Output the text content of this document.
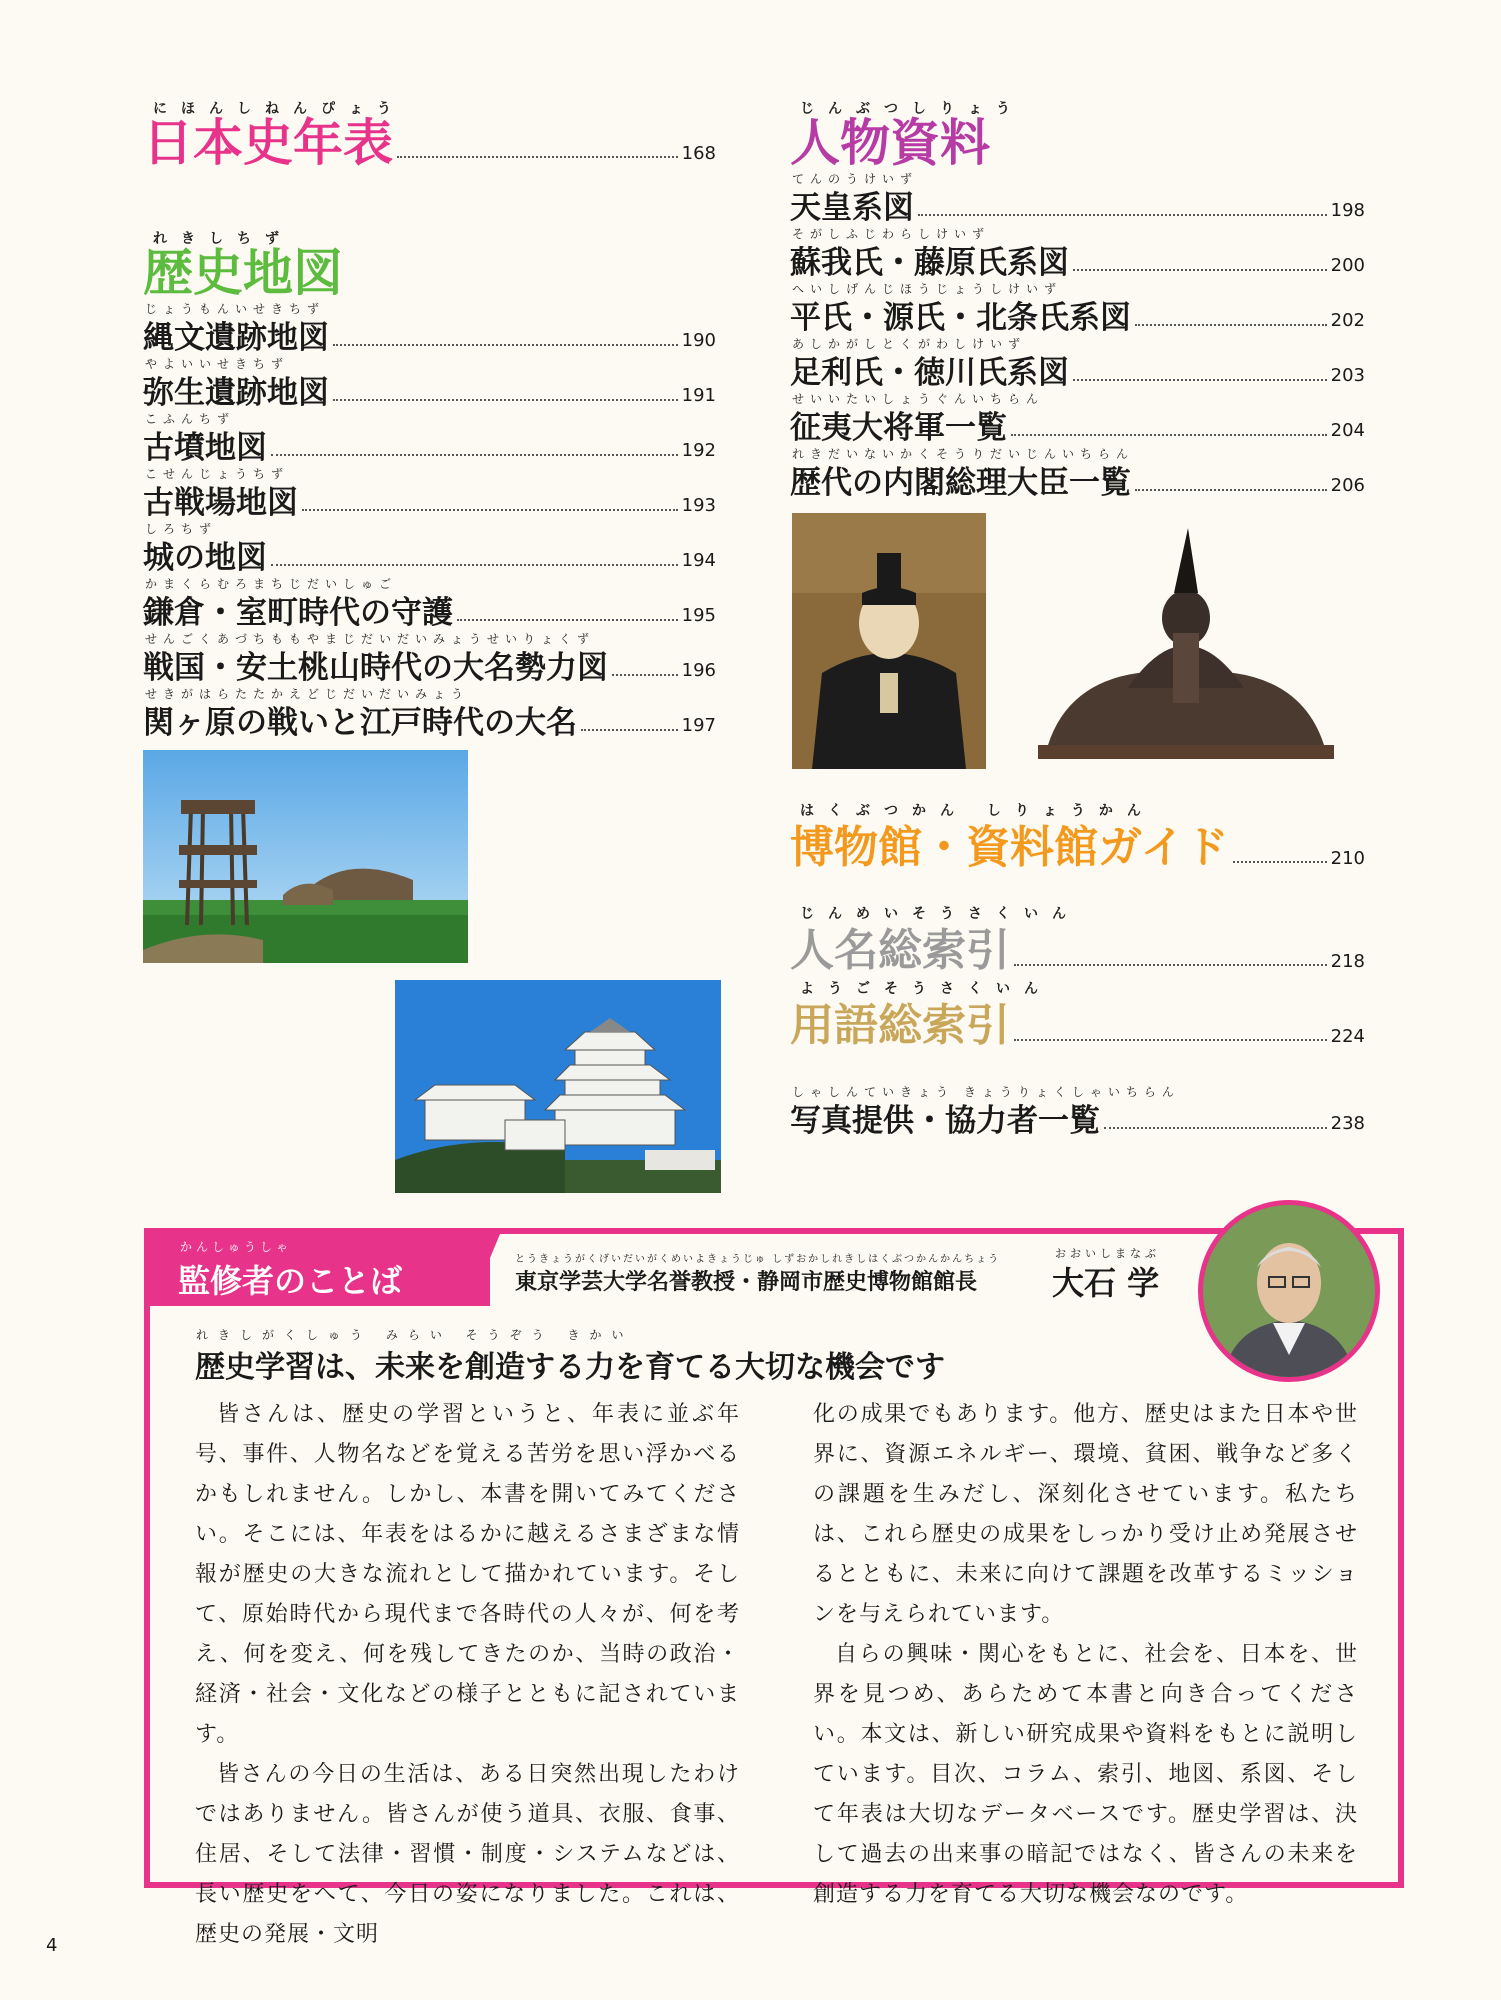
にほんしねんぴょう
日本史年表	168
れきしちず
歴史地図
じょうもんいせきちず
縄文遺跡地図	190
やよいいせきちず
弥生遺跡地図	191
こふんちず
古墳地図	192
こせんじょうちず
古戦場地図	193
しろちず
城の地図	194
かまくらむろまちじだいしゅご
鎌倉・室町時代の守護	195
せんごくあづちももやまじだいだいみょうせいりょくず
戦国・安土桃山時代の大名勢力図	196
せきがはらたたかえどじだいだいみょう
関ヶ原の戦いと江戸時代の大名	197
じんぶつしりょう
人物資料
てんのうけいず
天皇系図	198
そがしふじわらしけいず
蘇我氏・藤原氏系図	200
へいしげんじほうじょうしけいず
平氏・源氏・北条氏系図	202
あしかがしとくがわしけいず
足利氏・徳川氏系図	203
せいいたいしょうぐんいちらん
征夷大将軍一覧	204
れきだいないかくそうりだいじんいちらん
歴代の内閣総理大臣一覧	206
はくぶつかん しりょうかん
博物館・資料館ガイド	210
じんめいそうさくいん
人名総索引	218
ようごそうさくいん
用語総索引	224
しゃしんていきょう きょうりょくしゃいちらん
写真提供・協力者一覧	238
かんしゅうしゃ
監修者のことば
とうきょうがくげいだいがくめいよきょうじゅ しずおかしれきしはくぶつかんかんちょう
東京学芸大学名誉教授・静岡市歴史博物館館長
おおいしまなぶ
大石 学
れきしがくしゅう みらい そうぞう きかい
歴史学習は、未来を創造する力を育てる大切な機会です

皆さんは、歴史の学習というと、年表に並ぶ年号、事件、人物名などを覚える苦労を思い浮かべるかもしれません。しかし、本書を開いてみてください。そこには、年表をはるかに越えるさまざまな情報が歴史の大きな流れとして描かれています。そして、原始時代から現代まで各時代の人々が、何を考え、何を変え、何を残してきたのか、当時の政治・経済・社会・文化などの様子とともに記されています。

皆さんの今日の生活は、ある日突然出現したわけではありません。皆さんが使う道具、衣服、食事、住居、そして法律・習慣・制度・システムなどは、長い歴史をへて、今日の姿になりました。これは、歴史の発展・文明

化の成果でもあります。他方、歴史はまた日本や世界に、資源エネルギー、環境、貧困、戦争など多くの課題を生みだし、深刻化させています。私たちは、これら歴史の成果をしっかり受け止め発展させるとともに、未来に向けて課題を改革するミッションを与えられています。

自らの興味・関心をもとに、社会を、日本を、世界を見つめ、あらためて本書と向き合ってください。本文は、新しい研究成果や資料をもとに説明しています。目次、コラム、索引、地図、系図、そして年表は大切なデータベースです。歴史学習は、決して過去の出来事の暗記ではなく、皆さんの未来を創造する力を育てる大切な機会なのです。

4
